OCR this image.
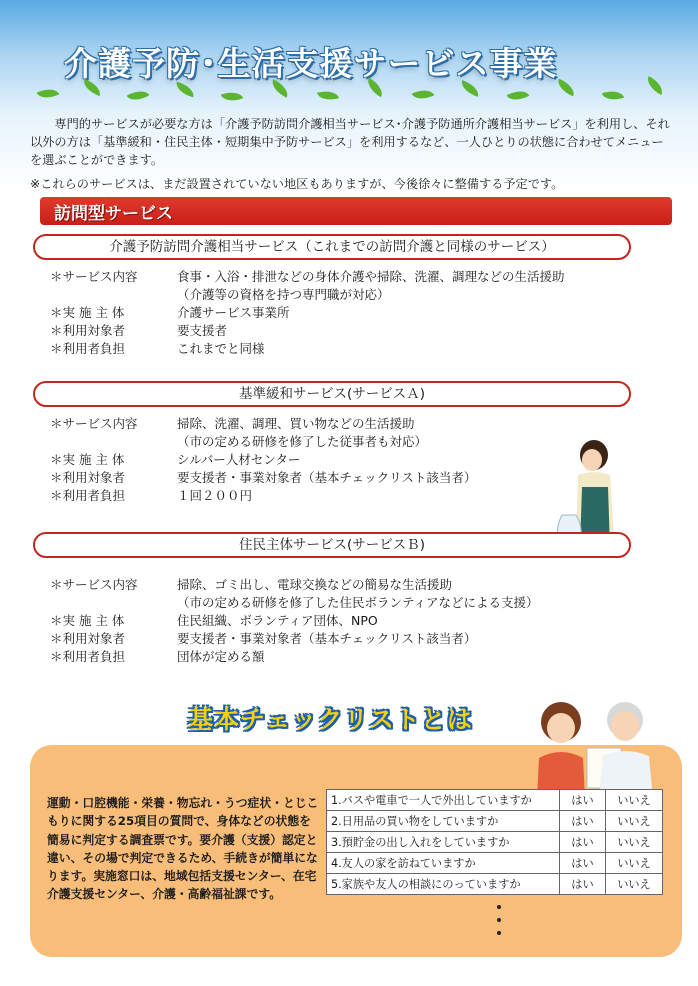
介護予防･生活支援サービス事業

専門的サービスが必要な方は「介護予防訪問介護相当サービス･介護予防通所介護相当サービス」を利用し、それ以外の方は「基準緩和・住民主体・短期集中予防サービス」を利用するなど、一人ひとりの状態に合わせてメニューを選ぶことができます。

※これらのサービスは、まだ設置されていない地区もありますが、今後徐々に整備する予定です。
訪問型サービス
介護予防訪問介護相当サービス（これまでの訪問介護と同様のサービス）
＊サービス内容	食事・入浴・排泄などの身体介護や掃除、洗濯、調理などの生活援助
（介護等の資格を持つ専門職が対応）
＊実 施 主 体	介護サービス事業所
＊利用対象者	要支援者
＊利用者負担	これまでと同様
基準緩和サービス(サービスＡ)
＊サービス内容	掃除、洗濯、調理、買い物などの生活援助
（市の定める研修を修了した従事者も対応）
＊実 施 主 体	シルバー人材センター
＊利用対象者	要支援者・事業対象者（基本チェックリスト該当者）
＊利用者負担	１回２００円
住民主体サービス(サービスＢ)
＊サービス内容	掃除、ゴミ出し、電球交換などの簡易な生活援助
（市の定める研修を修了した住民ボランティアなどによる支援）
＊実 施 主 体	住民組織、ボランティア団体、NPO
＊利用対象者	要支援者・事業対象者（基本チェックリスト該当者）
＊利用者負担	団体が定める額
基本チェックリストとは
運動・口腔機能・栄養・物忘れ・うつ症状・とじこもりに関する25項目の質問で、身体などの状態を簡易に判定する調査票です。要介護（支援）認定と違い、その場で判定できるため、手続きが簡単になります。実施窓口は、地域包括支援センター、在宅介護支援センター、介護・高齢福祉課です。
1.バスや電車で一人で外出していますか	はい	いいえ
2.日用品の買い物をしていますか	はい	いいえ
3.預貯金の出し入れをしていますか	はい	いいえ
4.友人の家を訪ねていますか	はい	いいえ
5.家族や友人の相談にのっていますか	はい	いいえ
